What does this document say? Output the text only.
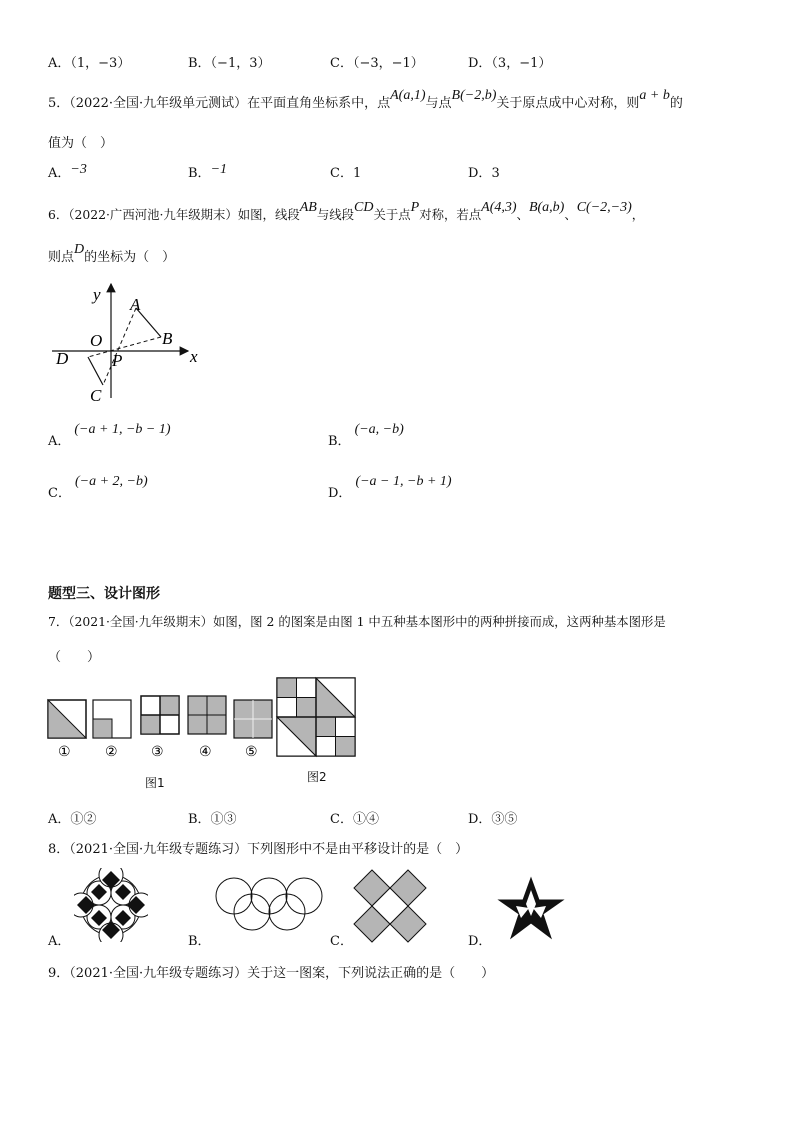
A．（1，−3）	B．（−1，3）	C．（−3，−1）	D．（3，−1）
5．（2022·全国·九年级单元测试）在平面直角坐标系中，点A(a,1)与点B(−2,b)关于原点成中心对称，则a + b的
值为（　）
A．−3	B．−1	C．1	D．3
6．（2022·广西河池·九年级期末）如图，线段AB与线段CD关于点P对称，若点A(4,3)、B(a,b)、C(−2,−3)，
则点D的坐标为（　）
y
x
A
B
O
P
D
C
A．(−a + 1, −b − 1)
B．(−a, −b)
C．(−a + 2, −b)
D．(−a − 1, −b + 1)
题型三、设计图形
7．（2021·全国·九年级期末）如图，图 2 的图案是由图 1 中五种基本图形中的两种拼接而成，这两种基本图形是
（　　）
① ② ③	④ ⑤
图1	图2
A．①②	B．①③	C．①④	D．③⑤
8．（2021·全国·九年级专题练习）下列图形中不是由平移设计的是（　）
A．	B．	C．	D．
9．（2021·全国·九年级专题练习）关于这一图案，下列说法正确的是（　　）
